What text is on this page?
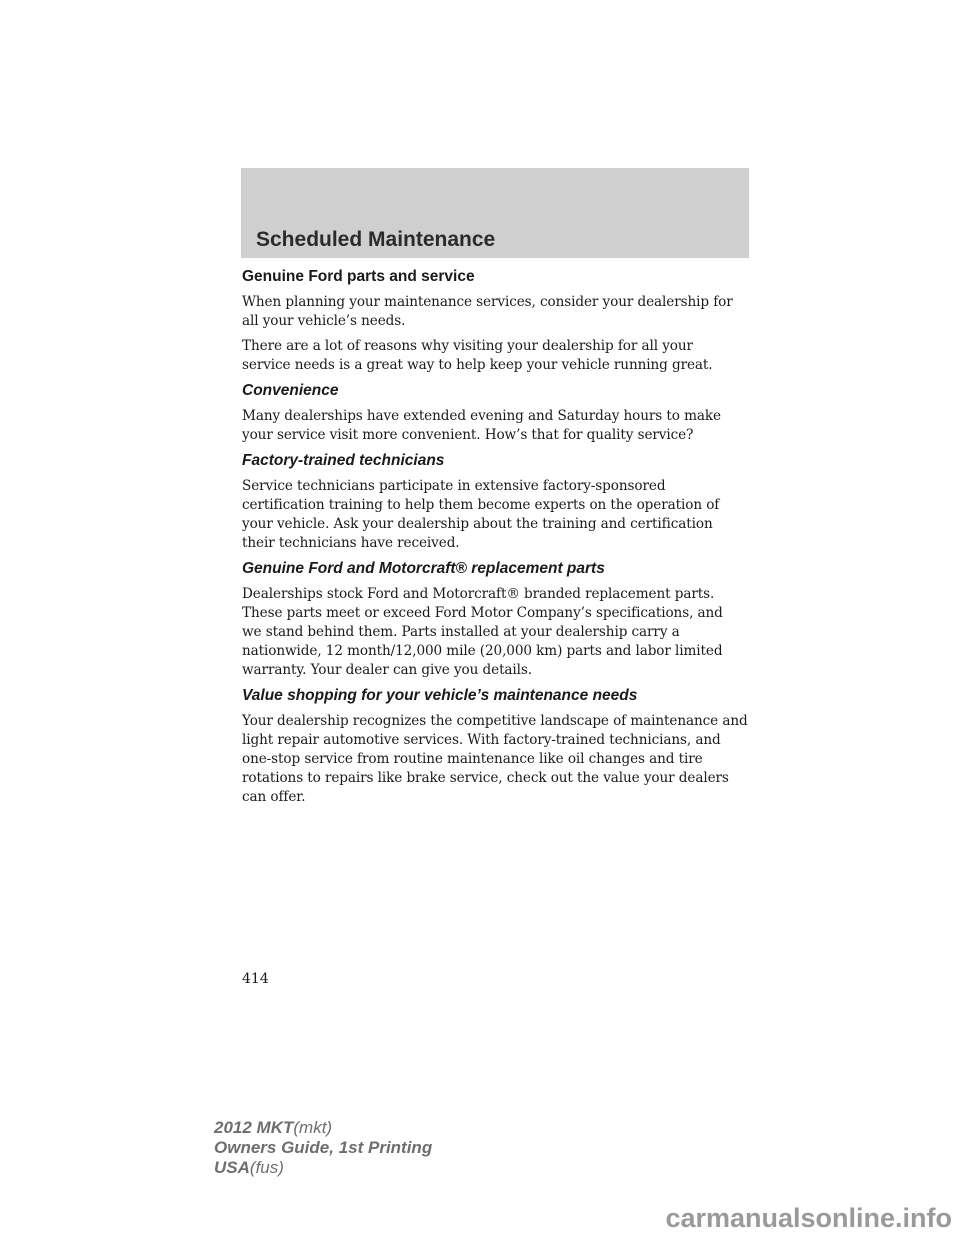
Scheduled Maintenance
Genuine Ford parts and service
When planning your maintenance services, consider your dealership for
all your vehicle’s needs.
There are a lot of reasons why visiting your dealership for all your
service needs is a great way to help keep your vehicle running great.
Convenience
Many dealerships have extended evening and Saturday hours to make
your service visit more convenient. How’s that for quality service?
Factory-trained technicians
Service technicians participate in extensive factory-sponsored
certification training to help them become experts on the operation of
your vehicle. Ask your dealership about the training and certification
their technicians have received.
Genuine Ford and Motorcraft® replacement parts
Dealerships stock Ford and Motorcraft® branded replacement parts.
These parts meet or exceed Ford Motor Company’s specifications, and
we stand behind them. Parts installed at your dealership carry a
nationwide, 12 month/12,000 mile (20,000 km) parts and labor limited
warranty. Your dealer can give you details.
Value shopping for your vehicle’s maintenance needs
Your dealership recognizes the competitive landscape of maintenance and
light repair automotive services. With factory-trained technicians, and
one-stop service from routine maintenance like oil changes and tire
rotations to repairs like brake service, check out the value your dealers
can offer.
414
2012 MKT(mkt)
Owners Guide, 1st Printing
USA(fus)
carmanualsonline.info
